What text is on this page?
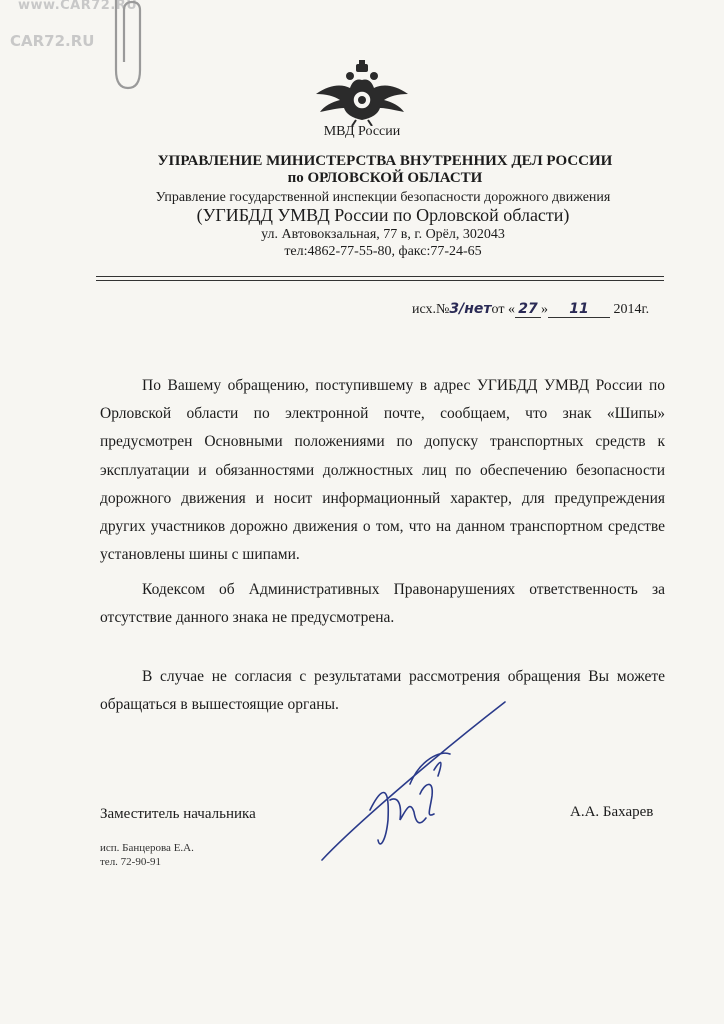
www.CAR72.RU
CAR72.RU
МВД России
УПРАВЛЕНИЕ МИНИСТЕРСТВА ВНУТРЕННИХ ДЕЛ РОССИИ
по ОРЛОВСКОЙ ОБЛАСТИ
Управление государственной инспекции безопасности дорожного движения
(УГИБДД УМВД России по Орловской области)
ул. Автовокзальная, 77 в, г. Орёл, 302043
тел:4862-77-55-80, факс:77-24-65
исх.№3/нетот « 27 » 11 2014г.

По Вашему обращению, поступившему в адрес УГИБДД УМВД России по Орловской области по электронной почте, сообщаем, что знак «Шипы» предусмотрен Основными положениями по допуску транспортных средств к эксплуатации и обязанностями должностных лиц по обеспечению безопасности дорожного движения и носит информационный характер, для предупреждения других участников дорожно движения о том, что на данном транспортном средстве установлены шины с шипами.

Кодексом об Административных Правонарушениях ответственность за отсутствие данного знака не предусмотрена.

В случае не согласия с результатами рассмотрения обращения Вы можете обращаться в вышестоящие органы.

Заместитель начальника	А.А. Бахарев
исп. Банцерова Е.А.
тел. 72-90-91
